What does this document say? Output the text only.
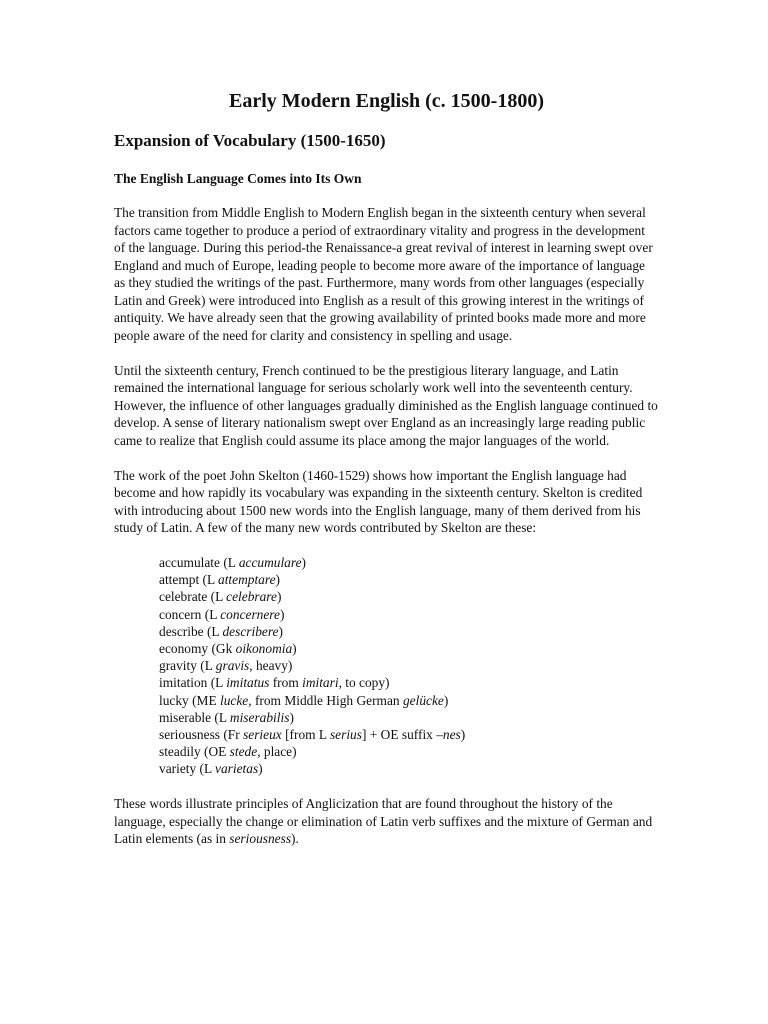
Early Modern English (c. 1500-1800)
Expansion of Vocabulary (1500-1650)
The English Language Comes into Its Own

The transition from Middle English to Modern English began in the sixteenth century when several factors came together to produce a period of extraordinary vitality and progress in the development of the language. During this period-the Renaissance-a great revival of interest in learning swept over England and much of Europe, leading people to become more aware of the importance of language as they studied the writings of the past. Furthermore, many words from other languages (especially Latin and Greek) were introduced into English as a result of this growing interest in the writings of antiquity. We have already seen that the growing availability of printed books made more and more people aware of the need for clarity and consistency in spelling and usage.

Until the sixteenth century, French continued to be the prestigious literary language, and Latin remained the international language for serious scholarly work well into the seventeenth century. However, the influence of other languages gradually diminished as the English language continued to develop. A sense of literary nationalism swept over England as an increasingly large reading public came to realize that English could assume its place among the major languages of the world.

The work of the poet John Skelton (1460-1529) shows how important the English language had become and how rapidly its vocabulary was expanding in the sixteenth century. Skelton is credited with introducing about 1500 new words into the English language, many of them derived from his study of Latin. A few of the many new words contributed by Skelton are these:

accumulate (L accumulare)
attempt (L attemptare)
celebrate (L celebrare)
concern (L concernere)
describe (L describere)
economy (Gk oikonomia)
gravity (L gravis, heavy)
imitation (L imitatus from imitari, to copy)
lucky (ME lucke, from Middle High German gelücke)
miserable (L miserabilis)
seriousness (Fr serieux [from L serius] + OE suffix –nes)
steadily (OE stede, place)
variety (L varietas)

These words illustrate principles of Anglicization that are found throughout the history of the language, especially the change or elimination of Latin verb suffixes and the mixture of German and Latin elements (as in seriousness).
